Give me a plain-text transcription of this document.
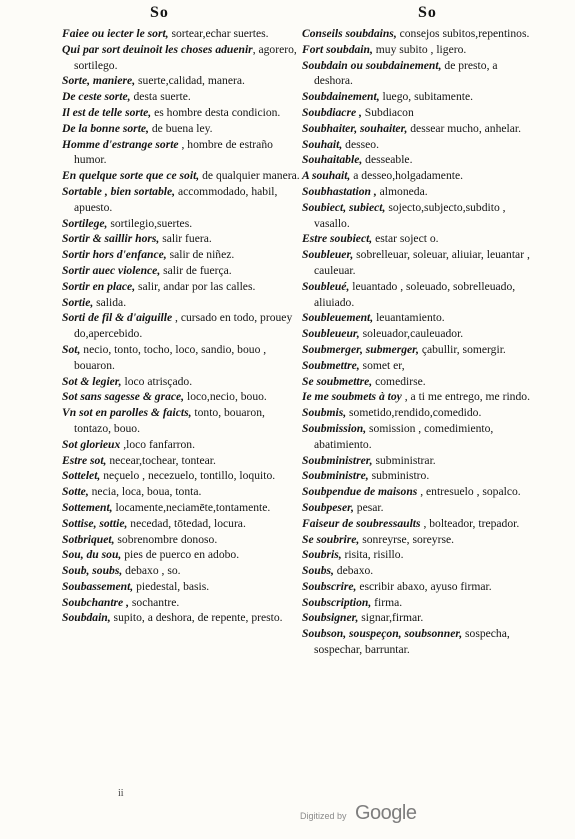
So	So

Faiee ou iecter le sort, sortear,echar suertes.

Qui par sort deuinoit les choses aduenir, agorero, sortilego.

Sorte, maniere, suerte,calidad, manera.

De ceste sorte, desta suerte.

Il est de telle sorte, es hombre desta condicion.

De la bonne sorte, de buena ley.

Homme d'estrange sorte , hombre de estraño humor.

En quelque sorte que ce soit, de qualquier manera.

Sortable , bien sortable, accommodado, habil, apuesto.

Sortilege, sortilegio,suertes.

Sortir & saillir hors, salir fuera.

Sortir hors d'enfance, salir de niñez.

Sortir auec violence, salir de fuerça.

Sortir en place, salir, andar por las calles.

Sortie, salida.

Sorti de fil & d'aiguille , cursado en todo, prouey do,apercebido.

Sot, necio, tonto, tocho, loco, sandio, bouo , bouaron.

Sot & legier, loco atrisçado.

Sot sans sagesse & grace, loco,necio, bouo.

Vn sot en parolles & faicts, tonto, bouaron, tontazo, bouo.

Sot glorieux ,loco fanfarron.

Estre sot, necear,tochear, tontear.

Sottelet, neçuelo , necezuelo, tontillo, loquito.

Sotte, necia, loca, boua, tonta.

Sottement, locamente,neciamēte,tontamente.

Sottise, sottie, necedad, tōtedad, locura.

Sotbriquet, sobrenombre donoso.

Sou, du sou, pies de puerco en adobo.

Soub, soubs, debaxo , so.

Soubassement, piedestal, basis.

Soubchantre , sochantre.

Soubdain, supito, a deshora, de repente, presto.

Conseils soubdains, consejos subitos,repentinos.

Fort soubdain, muy subito , ligero.

Soubdain ou soubdainement, de presto, a deshora.

Soubdainement, luego, subitamente.

Soubdiacre , Subdiacon

Soubhaiter, souhaiter, dessear mucho, anhelar.

Souhait, desseo.

Souhaitable, desseable.

A souhait, a desseo,holgadamente.

Soubhastation , almoneda.

Soubiect, subiect, sojecto,subjecto,subdito , vasallo.

Estre soubiect, estar soject o.

Soubleuer, sobrelleuar, soleuar, aliuiar, leuantar , cauleuar.

Soubleué, leuantado , soleuado, sobrelleuado, aliuiado.

Soubleuement, leuantamiento.

Soubleueur, soleuador,cauleuador.

Soubmerger, submerger, çabullir, somergir.

Soubmettre, somet er,

Se soubmettre, comedirse.

Ie me soubmets à toy , a ti me entrego, me rindo.

Soubmis, sometido,rendido,comedido.

Soubmission, somission , comedimiento, abatimiento.

Soubministrer, subministrar.

Soubministre, subministro.

Soubpendue de maisons , entresuelo , sopalco.

Soubpeser, pesar.

Faiseur de soubressaults , bolteador, trepador.

Se soubrire, sonreyrse, soreyrse.

Soubris, risita, risillo.

Soubs, debaxo.

Soubscrire, escribir abaxo, ayuso firmar.

Soubscription, firma.

Soubsigner, signar,firmar.

Soubson, souspeçon, soubsonner, sospecha, sospechar, barruntar.

ii
Digitized by Google
